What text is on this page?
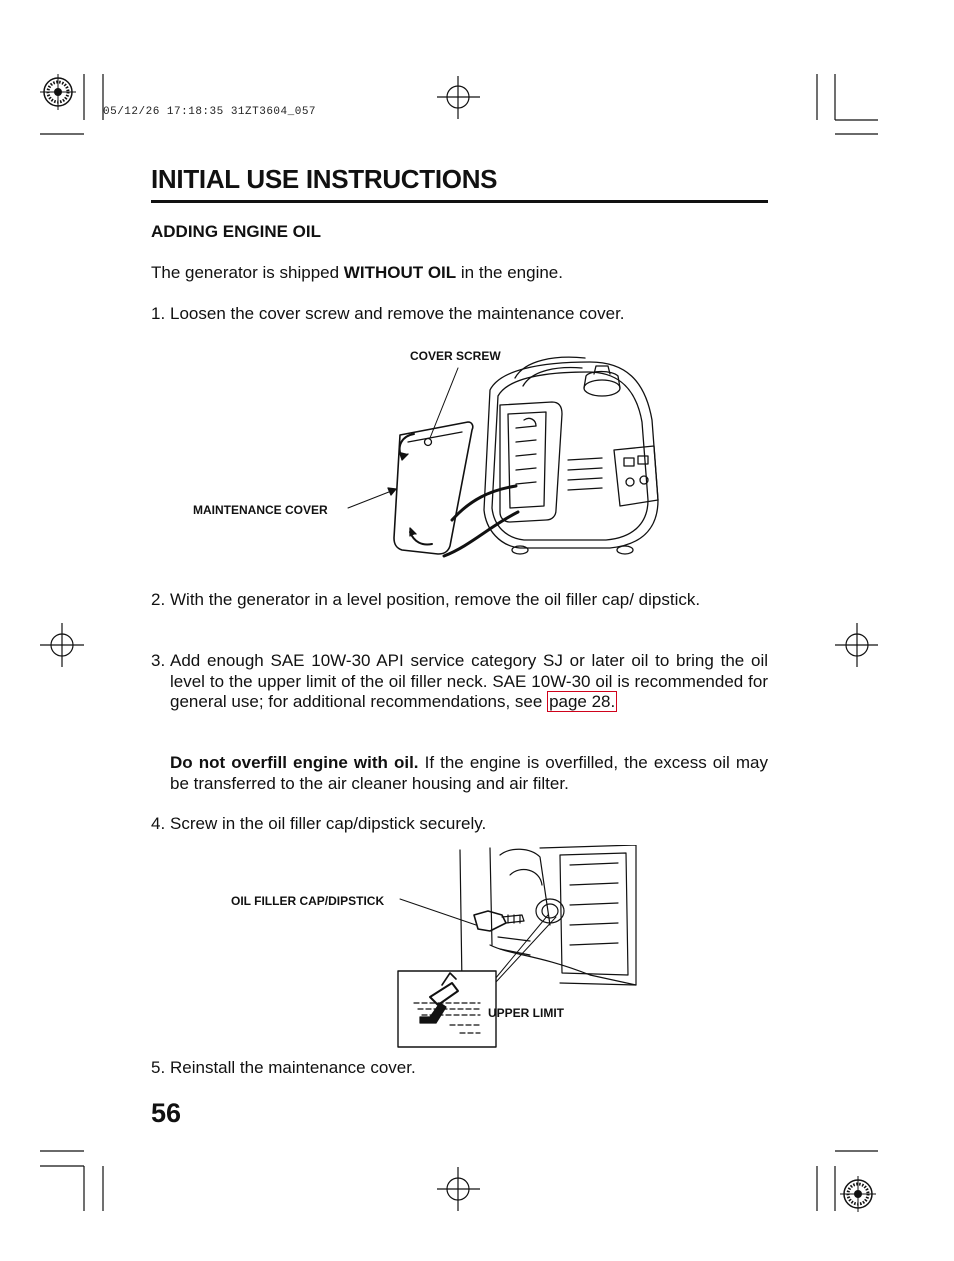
05/12/26 17:18:35 31ZT3604_057
INITIAL USE INSTRUCTIONS
ADDING ENGINE OIL
The generator is shipped WITHOUT OIL in the engine.
1. Loosen the cover screw and remove the maintenance cover.
COVER SCREW
MAINTENANCE COVER
2. With the generator in a level position, remove the oil filler cap/ dipstick.
3. Add enough SAE 10W-30 API service category SJ or later oil to bring the oil level to the upper limit of the oil filler neck. SAE 10W-30 oil is recommended for general use; for additional recommendations, see page 28.
Do not overfill engine with oil. If the engine is overfilled, the excess oil may be transferred to the air cleaner housing and air filter.
4. Screw in the oil filler cap/dipstick securely.
OIL FILLER CAP/DIPSTICK
UPPER LIMIT
5. Reinstall the maintenance cover.
56
